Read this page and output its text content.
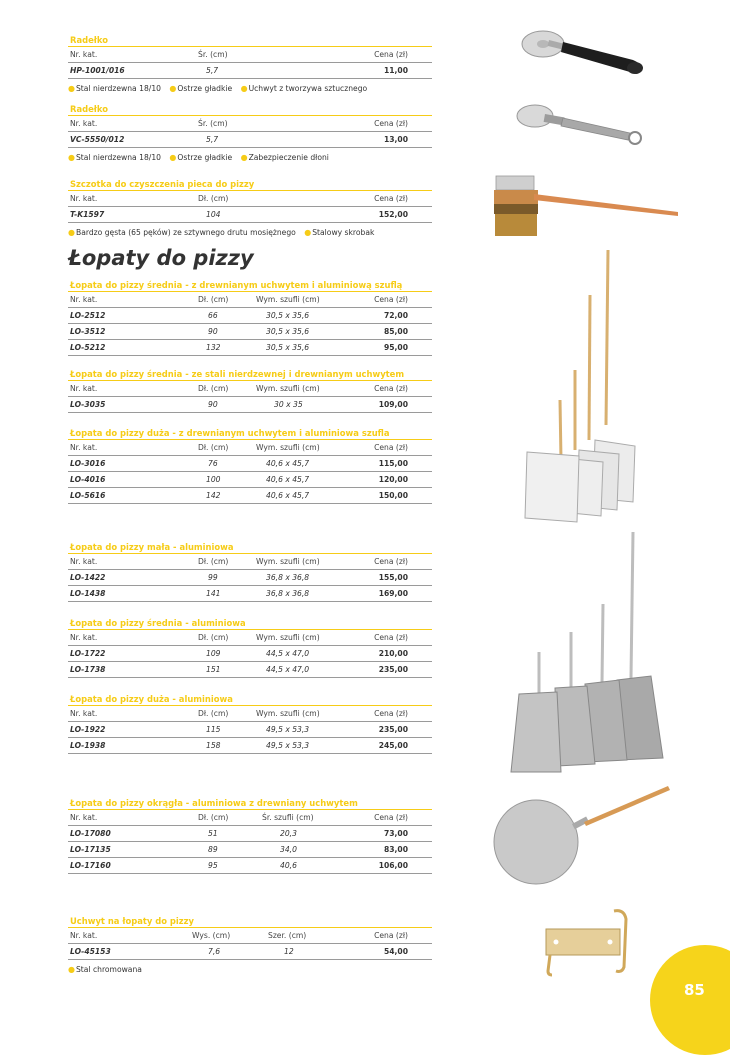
Radełko
Nr. kat.	Śr. (cm)	Cena (zł)
HP-1001/016	5,7	11,00
●Stal nierdzewna 18/10 ●Ostrze gładkie ●Uchwyt z tworzywa sztucznego
Radełko
Nr. kat.	Śr. (cm)	Cena (zł)
VC-5550/012	5,7	13,00
●Stal nierdzewna 18/10 ●Ostrze gładkie ●Zabezpieczenie dłoni
Szczotka do czyszczenia pieca do pizzy
Nr. kat.	Dł. (cm)	Cena (zł)
T-K1597	104	152,00
●Bardzo gęsta (65 pęków) ze sztywnego drutu mosiężnego ●Stalowy skrobak
Łopaty do pizzy
Łopata do pizzy średnia - z drewnianym uchwytem i aluminiową szuflą
Nr. kat.	Dł. (cm)	Wym. szufli (cm)	Cena (zł)
LO-2512	66	30,5 x 35,6	72,00
LO-3512	90	30,5 x 35,6	85,00
LO-5212	132	30,5 x 35,6	95,00
Łopata do pizzy średnia - ze stali nierdzewnej i drewnianym uchwytem
Nr. kat.	Dł. (cm)	Wym. szufli (cm)	Cena (zł)
LO-3035	90	30 x 35	109,00
Łopata do pizzy duża - z drewnianym uchwytem i aluminiowa szufla
Nr. kat.	Dł. (cm)	Wym. szufli (cm)	Cena (zł)
LO-3016	76	40,6 x 45,7	115,00
LO-4016	100	40,6 x 45,7	120,00
LO-5616	142	40,6 x 45,7	150,00
Łopata do pizzy mała - aluminiowa
Nr. kat.	Dł. (cm)	Wym. szufli (cm)	Cena (zł)
LO-1422	99	36,8 x 36,8	155,00
LO-1438	141	36,8 x 36,8	169,00
Łopata do pizzy średnia - aluminiowa
Nr. kat.	Dł. (cm)	Wym. szufli (cm)	Cena (zł)
LO-1722	109	44,5 x 47,0	210,00
LO-1738	151	44,5 x 47,0	235,00
Łopata do pizzy duża - aluminiowa
Nr. kat.	Dł. (cm)	Wym. szufli (cm)	Cena (zł)
LO-1922	115	49,5 x 53,3	235,00
LO-1938	158	49,5 x 53,3	245,00
Łopata do pizzy okrągła - aluminiowa z drewniany uchwytem
Nr. kat.	Dł. (cm)	Śr. szufli (cm)	Cena (zł)
LO-17080	51	20,3	73,00
LO-17135	89	34,0	83,00
LO-17160	95	40,6	106,00
Uchwyt na łopaty do pizzy
Nr. kat.	Wys. (cm)	Szer. (cm)	Cena (zł)
LO-45153	7,6	12	54,00
●Stal chromowana
85
